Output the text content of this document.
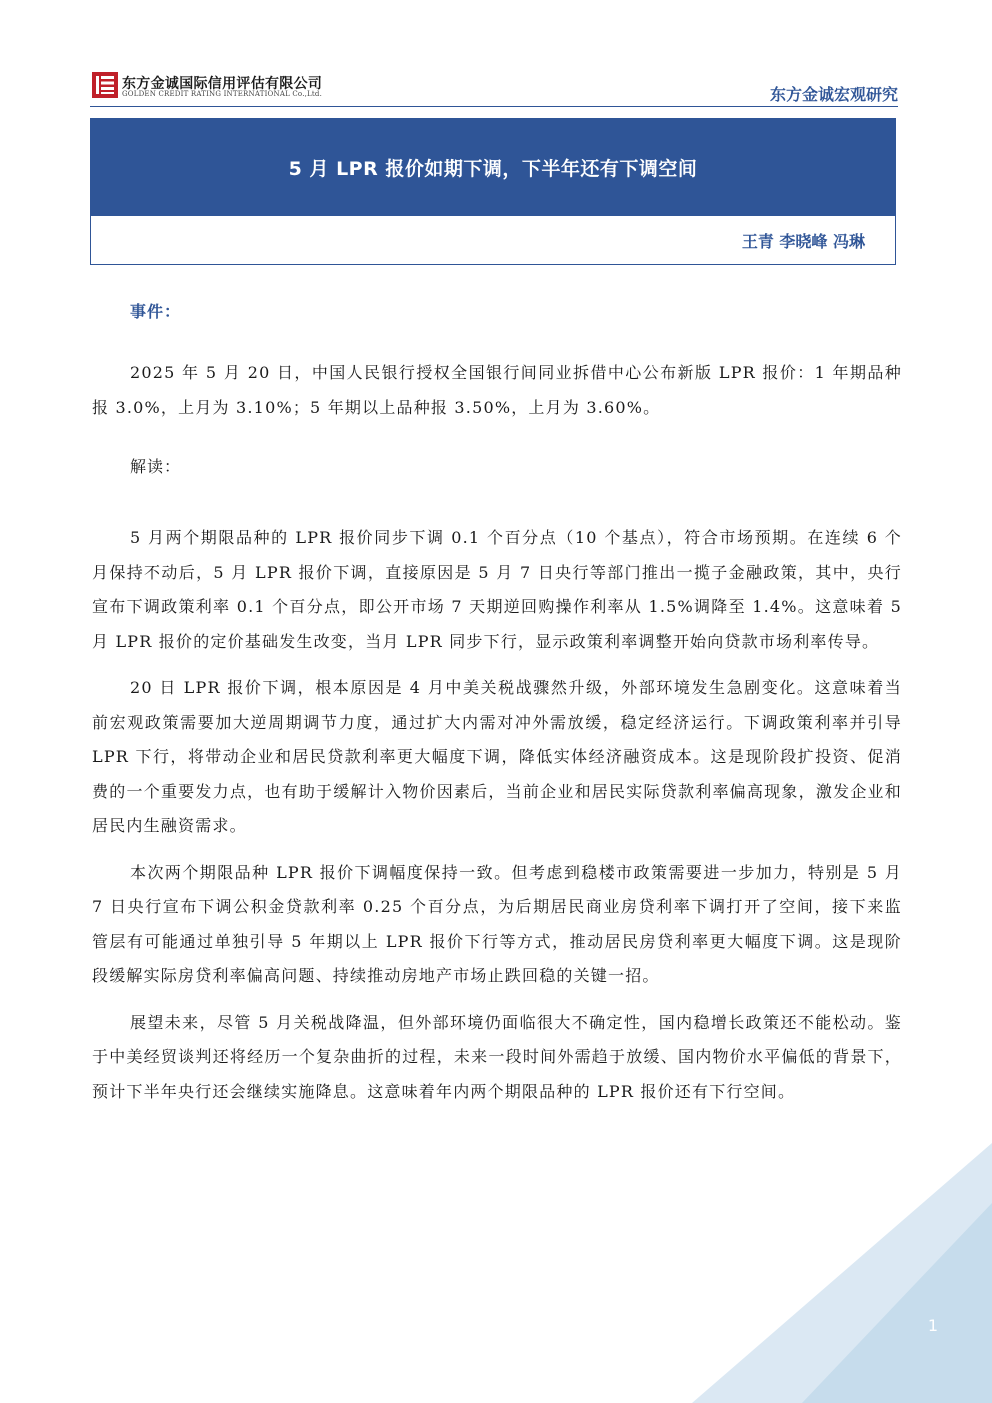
东方金诚国际信用评估有限公司
GOLDEN CREDIT RATING INTERNATIONAL Co.,Ltd.	东方金诚宏观研究
5 月 LPR 报价如期下调，下半年还有下调空间
王青 李晓峰 冯琳
事件：

2025 年 5 月 20 日，中国人民银行授权全国银行间同业拆借中心公布新版 LPR 报价：1 年期品种报 3.0%，上月为 3.10%；5 年期以上品种报 3.50%，上月为 3.60%。

解读：

5 月两个期限品种的 LPR 报价同步下调 0.1 个百分点（10 个基点），符合市场预期。在连续 6 个月保持不动后，5 月 LPR 报价下调，直接原因是 5 月 7 日央行等部门推出一揽子金融政策，其中，央行宣布下调政策利率 0.1 个百分点，即公开市场 7 天期逆回购操作利率从 1.5%调降至 1.4%。这意味着 5 月 LPR 报价的定价基础发生改变，当月 LPR 同步下行，显示政策利率调整开始向贷款市场利率传导。

20 日 LPR 报价下调，根本原因是 4 月中美关税战骤然升级，外部环境发生急剧变化。这意味着当前宏观政策需要加大逆周期调节力度，通过扩大内需对冲外需放缓，稳定经济运行。下调政策利率并引导 LPR 下行，将带动企业和居民贷款利率更大幅度下调，降低实体经济融资成本。这是现阶段扩投资、促消费的一个重要发力点，也有助于缓解计入物价因素后，当前企业和居民实际贷款利率偏高现象，激发企业和居民内生融资需求。

本次两个期限品种 LPR 报价下调幅度保持一致。但考虑到稳楼市政策需要进一步加力，特别是 5 月 7 日央行宣布下调公积金贷款利率 0.25 个百分点，为后期居民商业房贷利率下调打开了空间，接下来监管层有可能通过单独引导 5 年期以上 LPR 报价下行等方式，推动居民房贷利率更大幅度下调。这是现阶段缓解实际房贷利率偏高问题、持续推动房地产市场止跌回稳的关键一招。

展望未来，尽管 5 月关税战降温，但外部环境仍面临很大不确定性，国内稳增长政策还不能松动。鉴于中美经贸谈判还将经历一个复杂曲折的过程，未来一段时间外需趋于放缓、国内物价水平偏低的背景下，预计下半年央行还会继续实施降息。这意味着年内两个期限品种的 LPR 报价还有下行空间。

1
